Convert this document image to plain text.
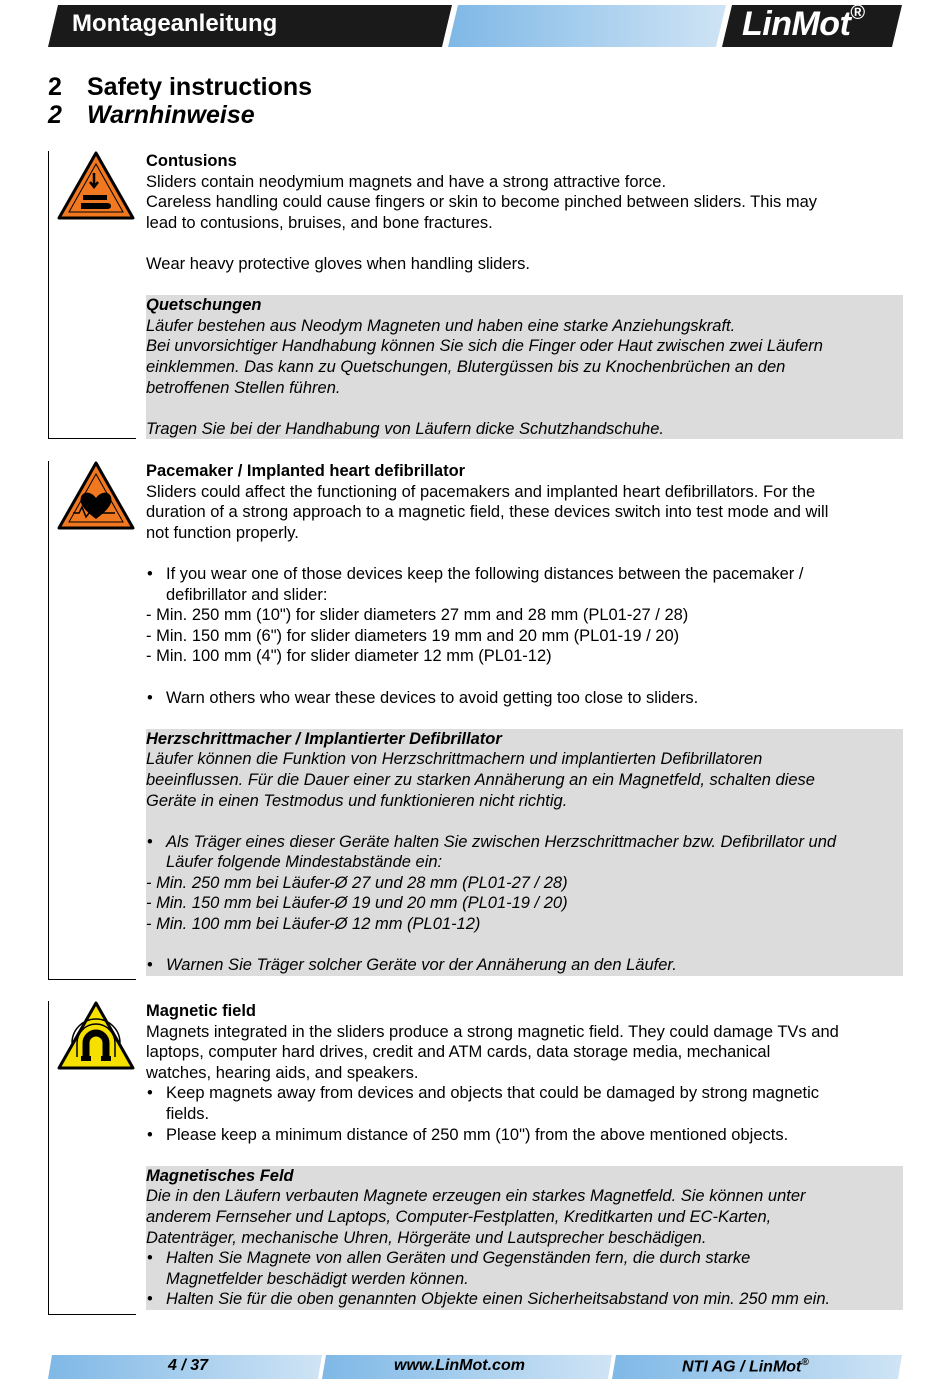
Montageanleitung	LinMot®
2 Safety instructions
2 Warnhinweise

Contusions

Sliders contain neodymium magnets and have a strong attractive force.

Careless handling could cause fingers or skin to become pinched between sliders. This may

lead to contusions, bruises, and bone fractures.

Wear heavy protective gloves when handling sliders.

Quetschungen

Läufer bestehen aus Neodym Magneten und haben eine starke Anziehungskraft.

Bei unvorsichtiger Handhabung können Sie sich die Finger oder Haut zwischen zwei Läufern

einklemmen. Das kann zu Quetschungen, Blutergüssen bis zu Knochenbrüchen an den

betroffenen Stellen führen.

Tragen Sie bei der Handhabung von Läufern dicke Schutzhandschuhe.

Pacemaker / Implanted heart defibrillator

Sliders could affect the functioning of pacemakers and implanted heart defibrillators. For the

duration of a strong approach to a magnetic field, these devices switch into test mode and will

not function properly.

• If you wear one of those devices keep the following distances between the pacemaker /
defibrillator and slider:

- Min. 250 mm (10") for slider diameters 27 mm and 28 mm (PL01-27 / 28)

- Min. 150 mm (6") for slider diameters 19 mm and 20 mm (PL01-19 / 20)

- Min. 100 mm (4") for slider diameter 12 mm (PL01-12)

• Warn others who wear these devices to avoid getting too close to sliders.

Herzschrittmacher / Implantierter Defibrillator

Läufer können die Funktion von Herzschrittmachern und implantierten Defibrillatoren

beeinflussen. Für die Dauer einer zu starken Annäherung an ein Magnetfeld, schalten diese

Geräte in einen Testmodus und funktionieren nicht richtig.

• Als Träger eines dieser Geräte halten Sie zwischen Herzschrittmacher bzw. Defibrillator und
Läufer folgende Mindestabstände ein:

- Min. 250 mm bei Läufer-Ø 27 und 28 mm (PL01-27 / 28)

- Min. 150 mm bei Läufer-Ø 19 und 20 mm (PL01-19 / 20)

- Min. 100 mm bei Läufer-Ø 12 mm (PL01-12)

• Warnen Sie Träger solcher Geräte vor der Annäherung an den Läufer.

Magnetic field

Magnets integrated in the sliders produce a strong magnetic field. They could damage TVs and

laptops, computer hard drives, credit and ATM cards, data storage media, mechanical

watches, hearing aids, and speakers.

• Keep magnets away from devices and objects that could be damaged by strong magnetic
fields.
• Please keep a minimum distance of 250 mm (10") from the above mentioned objects.

Magnetisches Feld

Die in den Läufern verbauten Magnete erzeugen ein starkes Magnetfeld. Sie können unter

anderem Fernseher und Laptops, Computer-Festplatten, Kreditkarten und EC-Karten,

Datenträger, mechanische Uhren, Hörgeräte und Lautsprecher beschädigen.

• Halten Sie Magnete von allen Geräten und Gegenständen fern, die durch starke
Magnetfelder beschädigt werden können.
• Halten Sie für die oben genannten Objekte einen Sicherheitsabstand von min. 250 mm ein.
4 / 37	www.LinMot.com	NTI AG / LinMot®
